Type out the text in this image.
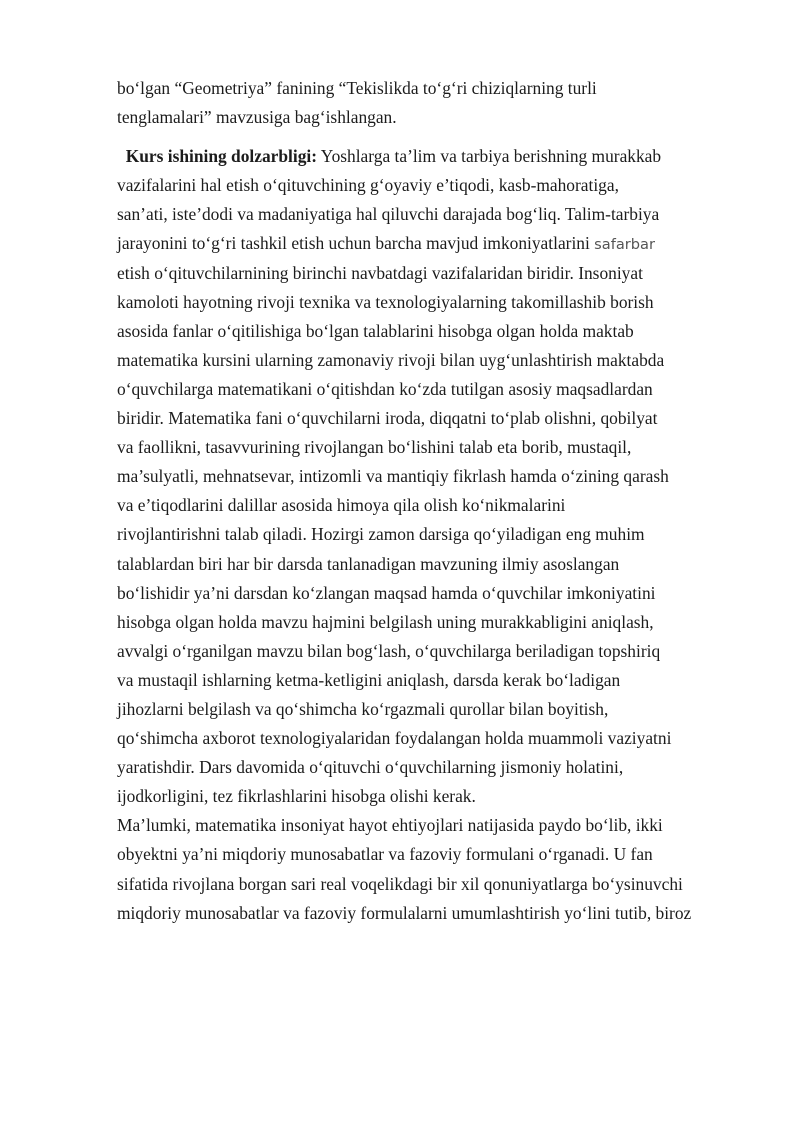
bo‘lgan “Geometriya” fanining “Tekislikda to‘g‘ri chiziqlarning turli
tenglamalari” mavzusiga bag‘ishlangan.
Kurs ishining dolzarbligi: Yoshlarga ta’lim va tarbiya berishning murakkab
vazifalarini hal etish o‘qituvchining g‘oyaviy e’tiqodi, kasb-mahoratiga,
san’ati, iste’dodi va madaniyatiga hal qiluvchi darajada bog‘liq. Talim-tarbiya
jarayonini to‘g‘ri tashkil etish uchun barcha mavjud imkoniyatlarini safarbar
etish o‘qituvchilarnining birinchi navbatdagi vazifalaridan biridir. Insoniyat
kamoloti hayotning rivoji texnika va texnologiyalarning takomillashib borish
asosida fanlar o‘qitilishiga bo‘lgan talablarini hisobga olgan holda maktab
matematika kursini ularning zamonaviy rivoji bilan uyg‘unlashtirish maktabda
o‘quvchilarga matematikani o‘qitishdan ko‘zda tutilgan asosiy maqsadlardan
biridir. Matematika fani o‘quvchilarni iroda, diqqatni to‘plab olishni, qobilyat
va faollikni, tasavvurining rivojlangan bo‘lishini talab eta borib, mustaqil,
ma’sulyatli, mehnatsevar, intizomli va mantiqiy fikrlash hamda o‘zining qarash
va e’tiqodlarini dalillar asosida himoya qila olish ko‘nikmalarini
rivojlantirishni talab qiladi. Hozirgi zamon darsiga qo‘yiladigan eng muhim
talablardan biri har bir darsda tanlanadigan mavzuning ilmiy asoslangan
bo‘lishidir ya’ni darsdan ko‘zlangan maqsad hamda o‘quvchilar imkoniyatini
hisobga olgan holda mavzu hajmini belgilash uning murakkabligini aniqlash,
avvalgi o‘rganilgan mavzu bilan bog‘lash, o‘quvchilarga beriladigan topshiriq
va mustaqil ishlarning ketma-ketligini aniqlash, darsda kerak bo‘ladigan
jihozlarni belgilash va qo‘shimcha ko‘rgazmali qurollar bilan boyitish,
qo‘shimcha axborot texnologiyalaridan foydalangan holda muammoli vaziyatni
yaratishdir. Dars davomida o‘qituvchi o‘quvchilarning jismoniy holatini,
ijodkorligini, tez fikrlashlarini hisobga olishi kerak.
Ma’lumki, matematika insoniyat hayot ehtiyojlari natijasida paydo bo‘lib, ikki
obyektni ya’ni miqdoriy munosabatlar va fazoviy formulani o‘rganadi. U fan
sifatida rivojlana borgan sari real voqelikdagi bir xil qonuniyatlarga bo‘ysinuvchi
miqdoriy munosabatlar va fazoviy formulalarni umumlashtirish yo‘lini tutib, biroz
